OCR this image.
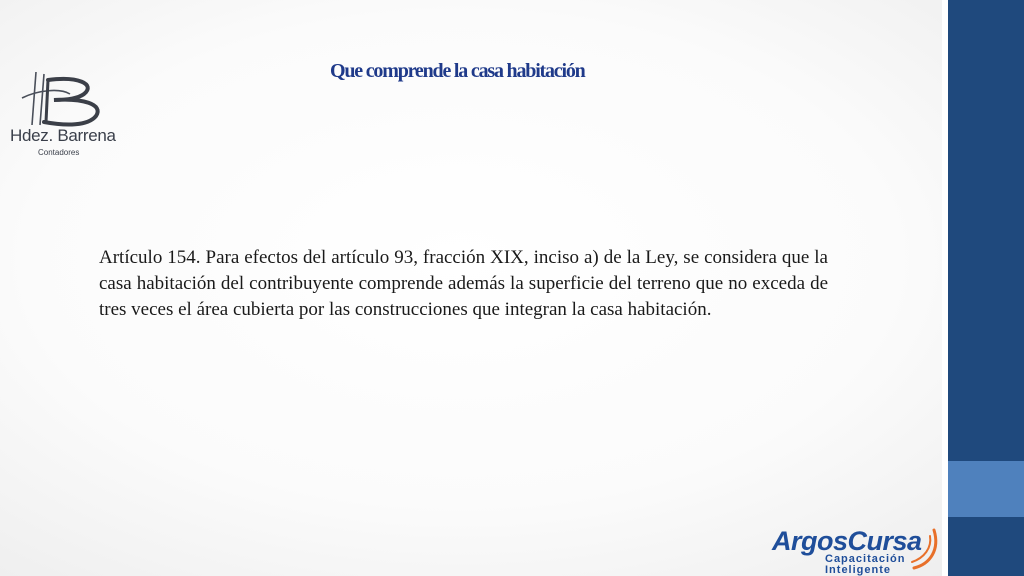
Hdez. Barrena
Contadores
Que comprende la casa habitación

Artículo 154. Para efectos del artículo 93, fracción XIX, inciso a) de la Ley, se considera que la casa habitación del contribuyente comprende además la superficie del terreno que no exceda de tres veces el área cubierta por las construcciones que integran la casa habitación.

ArgosCursa
Capacitación
Inteligente
